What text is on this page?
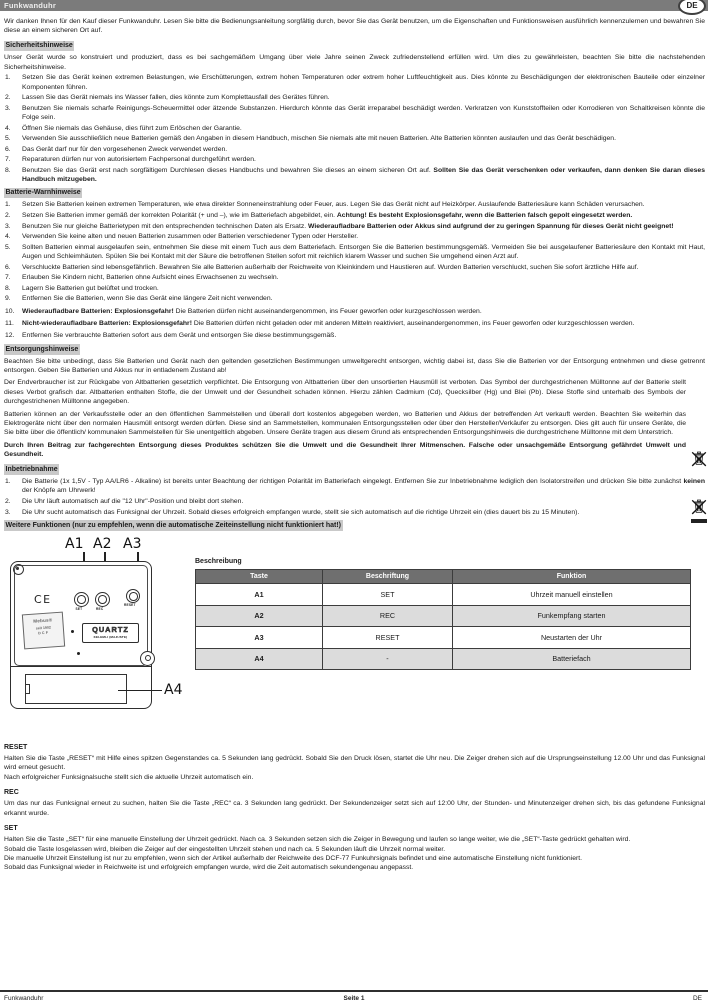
Funkwanduhr	DE

Wir danken Ihnen für den Kauf dieser Funkwanduhr. Lesen Sie bitte die Bedienungsanleitung sorgfältig durch, bevor Sie das Gerät benutzen, um die Eigenschaften und Funktionsweisen ausführlich kennenzulernen und bewahren Sie diese an einem sicheren Ort auf.

Sicherheitshinweise

Unser Gerät wurde so konstruiert und produziert, dass es bei sachgemäßem Umgang über viele Jahre seinen Zweck zufriedenstellend erfüllen wird. Um dies zu gewährleisten, beachten Sie bitte die nachstehenden Sicherheitshinweise.

1.	Setzen Sie das Gerät keinen extremen Belastungen, wie Erschütterungen, extrem hohen Temperaturen oder extrem hoher Luftfeuchtigkeit aus. Dies könnte zu Beschädigungen der elektronischen Bauteile oder einzelner Komponenten führen.
2.	Lassen Sie das Gerät niemals ins Wasser fallen, dies könnte zum Komplettausfall des Gerätes führen.
3.	Benutzen Sie niemals scharfe Reinigungs-Scheuermittel oder ätzende Substanzen. Hierdurch könnte das Gerät irreparabel beschädigt werden. Verkratzen von Kunststoffteilen oder Korrodieren von Schaltkreisen könnte die Folge sein.
4.	Öffnen Sie niemals das Gehäuse, dies führt zum Erlöschen der Garantie.
5.	Verwenden Sie ausschließlich neue Batterien gemäß den Angaben in diesem Handbuch, mischen Sie niemals alte mit neuen Batterien. Alte Batterien könnten auslaufen und das Gerät beschädigen.
6.	Das Gerät darf nur für den vorgesehenen Zweck verwendet werden.
7.	Reparaturen dürfen nur von autorisiertem Fachpersonal durchgeführt werden.
8.	Benutzen Sie das Gerät erst nach sorgfältigem Durchlesen dieses Handbuchs und bewahren Sie dieses an einem sicheren Ort auf. Sollten Sie das Gerät verschenken oder verkaufen, dann denken Sie daran dieses Handbuch mitzugeben.
Batterie-Warnhinweise
1.	Setzen Sie Batterien keinen extremen Temperaturen, wie etwa direkter Sonneneinstrahlung oder Feuer, aus. Legen Sie das Gerät nicht auf Heizkörper. Auslaufende Batteriesäure kann Schäden verursachen.
2.	Setzen Sie Batterien immer gemäß der korrekten Polarität (+ und –), wie im Batteriefach abgebildet, ein. Achtung! Es besteht Explosionsgefahr, wenn die Batterien falsch gepolt eingesetzt werden.
3.	Benutzen Sie nur gleiche Batterietypen mit den entsprechenden technischen Daten als Ersatz. Wiederaufladbare Batterien oder Akkus sind aufgrund der zu geringen Spannung für dieses Gerät nicht geeignet!
4.	Verwenden Sie keine alten und neuen Batterien zusammen oder Batterien verschiedener Typen oder Hersteller.
5.	Sollten Batterien einmal ausgelaufen sein, entnehmen Sie diese mit einem Tuch aus dem Batteriefach. Entsorgen Sie die Batterien bestimmungsgemäß. Vermeiden Sie bei ausgelaufener Batteriesäure den Kontakt mit Haut, Augen und Schleimhäuten. Spülen Sie bei Kontakt mit der Säure die betroffenen Stellen sofort mit reichlich klarem Wasser und suchen Sie umgehend einen Arzt auf.
6.	Verschluckte Batterien sind lebensgefährlich. Bewahren Sie alle Batterien außerhalb der Reichweite von Kleinkindern und Haustieren auf. Wurden Batterien verschluckt, suchen Sie sofort ärztliche Hilfe auf.
7.	Erlauben Sie Kindern nicht, Batterien ohne Aufsicht eines Erwachsenen zu wechseln.
8.	Lagern Sie Batterien gut belüftet und trocken.
9.	Entfernen Sie die Batterien, wenn Sie das Gerät eine längere Zeit nicht verwenden.
10.	Wiederaufladbare Batterien: Explosionsgefahr! Die Batterien dürfen nicht auseinandergenommen, ins Feuer geworfen oder kurzgeschlossen werden.
11.	Nicht-wiederaufladbare Batterien: Explosionsgefahr! Die Batterien dürfen nicht geladen oder mit anderen Mitteln reaktiviert, auseinandergenommen, ins Feuer geworfen oder kurzgeschlossen werden.
12.	Entfernen Sie verbrauchte Batterien sofort aus dem Gerät und entsorgen Sie diese bestimmungsgemäß.
Entsorgungshinweise

Beachten Sie bitte unbedingt, dass Sie Batterien und Gerät nach den geltenden gesetzlichen Bestimmungen umweltgerecht entsorgen, wichtig dabei ist, dass Sie die Batterien vor der Entsorgung entnehmen und diese getrennt entsorgen. Geben Sie Batterien und Akkus nur in entladenem Zustand ab!

Der Endverbraucher ist zur Rückgabe von Altbatterien gesetzlich verpflichtet. Die Entsorgung von Altbatterien über den unsortierten Hausmüll ist verboten. Das Symbol der durchgestrichenen Mülltonne auf der Batterie stellt dieses Verbot grafisch dar. Altbatterien enthalten Stoffe, die der Umwelt und der Gesundheit schaden können. Hierzu zählen Cadmium (Cd), Quecksilber (Hg) und Blei (Pb). Diese Stoffe sind unterhalb des Symbols der durchgestrichenen Mülltonne angegeben.

Batterien können an der Verkaufsstelle oder an den öffentlichen Sammelstellen und überall dort kostenlos abgegeben werden, wo Batterien und Akkus der betreffenden Art verkauft werden. Beachten Sie weiterhin das Elektrogeräte nicht über den normalen Hausmüll entsorgt werden dürfen. Diese sind an Sammelstellen, kommunalen Entsorgungsstellen oder über den Hersteller/Verkäufer zu entsorgen. Dies gilt auch für unsere Geräte, die Sie bitte über die öffentlich/ kommunalen Sammelstellen für Sie unentgeltlich abgeben. Unsere Geräte tragen aus diesem Grund als entsprechenden Entsorgungshinweis die durchgestrichene Mülltonne mit dem Unterstrich.

Durch Ihren Beitrag zur fachgerechten Entsorgung dieses Produktes schützen Sie die Umwelt und die Gesundheit Ihrer Mitmenschen. Falsche oder unsachgemäße Entsorgung gefährdet Umwelt und Gesundheit.

Inbetriebnahme
1.	Die Batterie (1x 1,5V - Typ AA/LR6 - Alkaline) ist bereits unter Beachtung der richtigen Polarität im Batteriefach eingelegt. Entfernen Sie zur Inbetriebnahme lediglich den Isolatorstreifen und drücken Sie bitte zunächst keinen der Knöpfe am Uhrwerk!
2.	Die Uhr läuft automatisch auf die "12 Uhr"-Position und bleibt dort stehen.
3.	Die Uhr sucht automatisch das Funksignal der Uhrzeit. Sobald dieses erfolgreich empfangen wurde, stellt sie sich automatisch auf die richtige Uhrzeit ein (dies dauert bis zu 15 Minuten).
Weitere Funktionen (nur zu empfehlen, wenn die automatische Zeiteinstellung nicht funktioniert hat!)
A1 A2 A3
CE
SET	REC
RESET
Mebus®
seit 1902
DCF	QUARTZ
KELEMLI (MAJUSTE)
A4
Beschreibung
Taste	Beschriftung	Funktion
A1	SET	Uhrzeit manuell einstellen
A2	REC	Funkempfang starten
A3	RESET	Neustarten der Uhr
A4	-	Batteriefach
RESET

Halten Sie die Taste „RESET“ mit Hilfe eines spitzen Gegenstandes ca. 5 Sekunden lang gedrückt. Sobald Sie den Druck lösen, startet die Uhr neu. Die Zeiger drehen sich auf die Ursprungseinstellung 12.00 Uhr und das Funksignal wird erneut gesucht.

Nach erfolgreicher Funksignalsuche stellt sich die aktuelle Uhrzeit automatisch ein.

REC

Um das nur das Funksignal erneut zu suchen, halten Sie die Taste „REC“ ca. 3 Sekunden lang gedrückt. Der Sekundenzeiger setzt sich auf 12:00 Uhr, der Stunden- und Minutenzeiger drehen sich, bis das gefundene Funksignal erkannt wurde.

SET

Halten Sie die Taste „SET“ für eine manuelle Einstellung der Uhrzeit gedrückt. Nach ca. 3 Sekunden setzen sich die Zeiger in Bewegung und laufen so lange weiter, wie die „SET“-Taste gedrückt gehalten wird.

Sobald die Taste losgelassen wird, bleiben die Zeiger auf der eingestellten Uhrzeit stehen und nach ca. 5 Sekunden läuft die Uhrzeit normal weiter.

Die manuelle Uhrzeit Einstellung ist nur zu empfehlen, wenn sich der Artikel außerhalb der Reichweite des DCF-77 Funkuhrsignals befindet und eine automatische Einstellung nicht funktioniert.

Sobald das Funksignal wieder in Reichweite ist und erfolgreich empfangen wurde, wird die Zeit automatisch sekundengenau angepasst.

Funkwanduhr	Seite 1	DE
